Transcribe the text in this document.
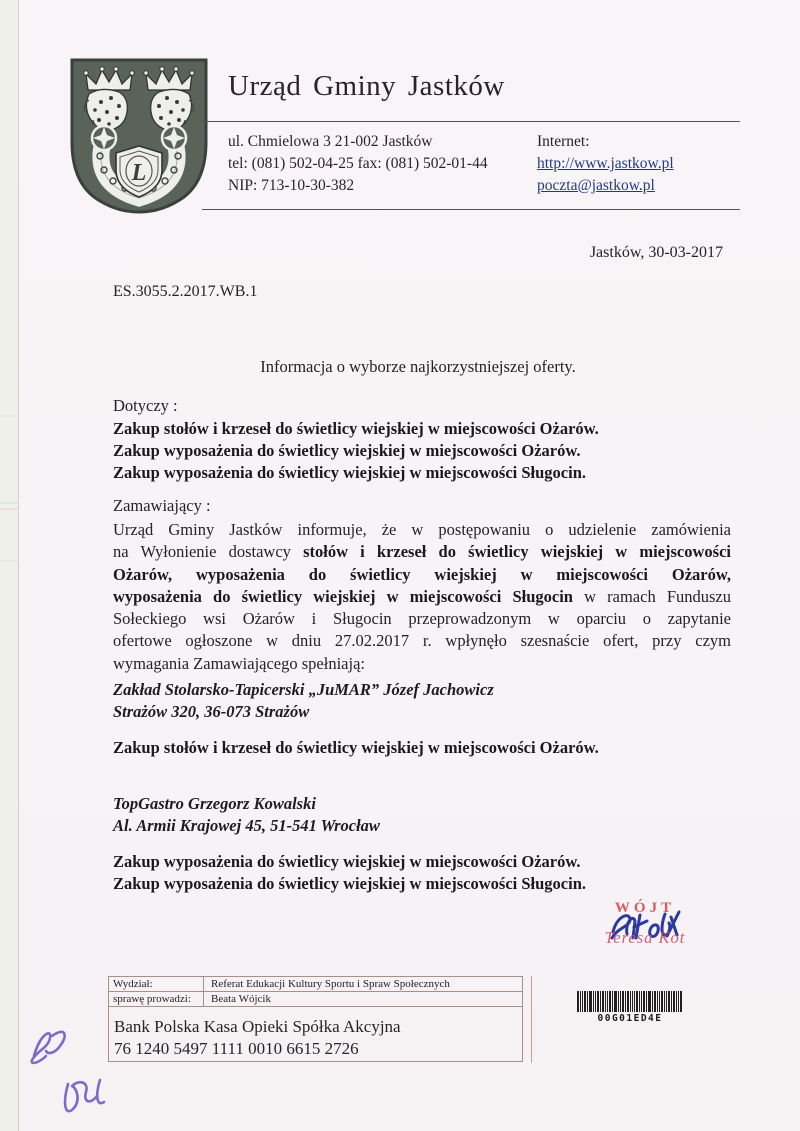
L
Urząd Gminy Jastków
ul. Chmielowa 3 21-002 Jastków
tel: (081) 502-04-25 fax: (081) 502-01-44
NIP: 713-10-30-382
Internet:
http://www.jastkow.pl
poczta@jastkow.pl
Jastków, 30-03-2017
ES.3055.2.2017.WB.1
Informacja o wyborze najkorzystniejszej oferty.
Dotyczy :
Zakup stołów i krzeseł do świetlicy wiejskiej w miejscowości Ożarów.
Zakup wyposażenia do świetlicy wiejskiej w miejscowości Ożarów.
Zakup wyposażenia do świetlicy wiejskiej w miejscowości Sługocin.
Zamawiający :
Urząd Gminy Jastków informuje, że w postępowaniu o udzielenie zamówienia
na Wyłonienie dostawcy stołów i krzeseł do świetlicy wiejskiej w miejscowości
Ożarów, wyposażenia do świetlicy wiejskiej w miejscowości Ożarów,
wyposażenia do świetlicy wiejskiej w miejscowości Sługocin w ramach Funduszu
Sołeckiego wsi Ożarów i Sługocin przeprowadzonym w oparciu o zapytanie
ofertowe ogłoszone w dniu 27.02.2017 r. wpłynęło szesnaście ofert, przy czym
wymagania Zamawiającego spełniają:
Zakład Stolarsko-Tapicerski „JuMAR” Józef Jachowicz
Strażów 320, 36-073 Strażów
Zakup stołów i krzeseł do świetlicy wiejskiej w miejscowości Ożarów.
TopGastro Grzegorz Kowalski
Al. Armii Krajowej 45, 51-541 Wrocław
Zakup wyposażenia do świetlicy wiejskiej w miejscowości Ożarów.
Zakup wyposażenia do świetlicy wiejskiej w miejscowości Sługocin.
WÓJT
Teresa Kot
Wydział:	Referat Edukacji Kultury Sportu i Spraw Społecznych
sprawę prowadzi:	Beata Wójcik
Bank Polska Kasa Opieki Spółka Akcyjna
76 1240 5497 1111 0010 6615 2726
00G01ED4E
